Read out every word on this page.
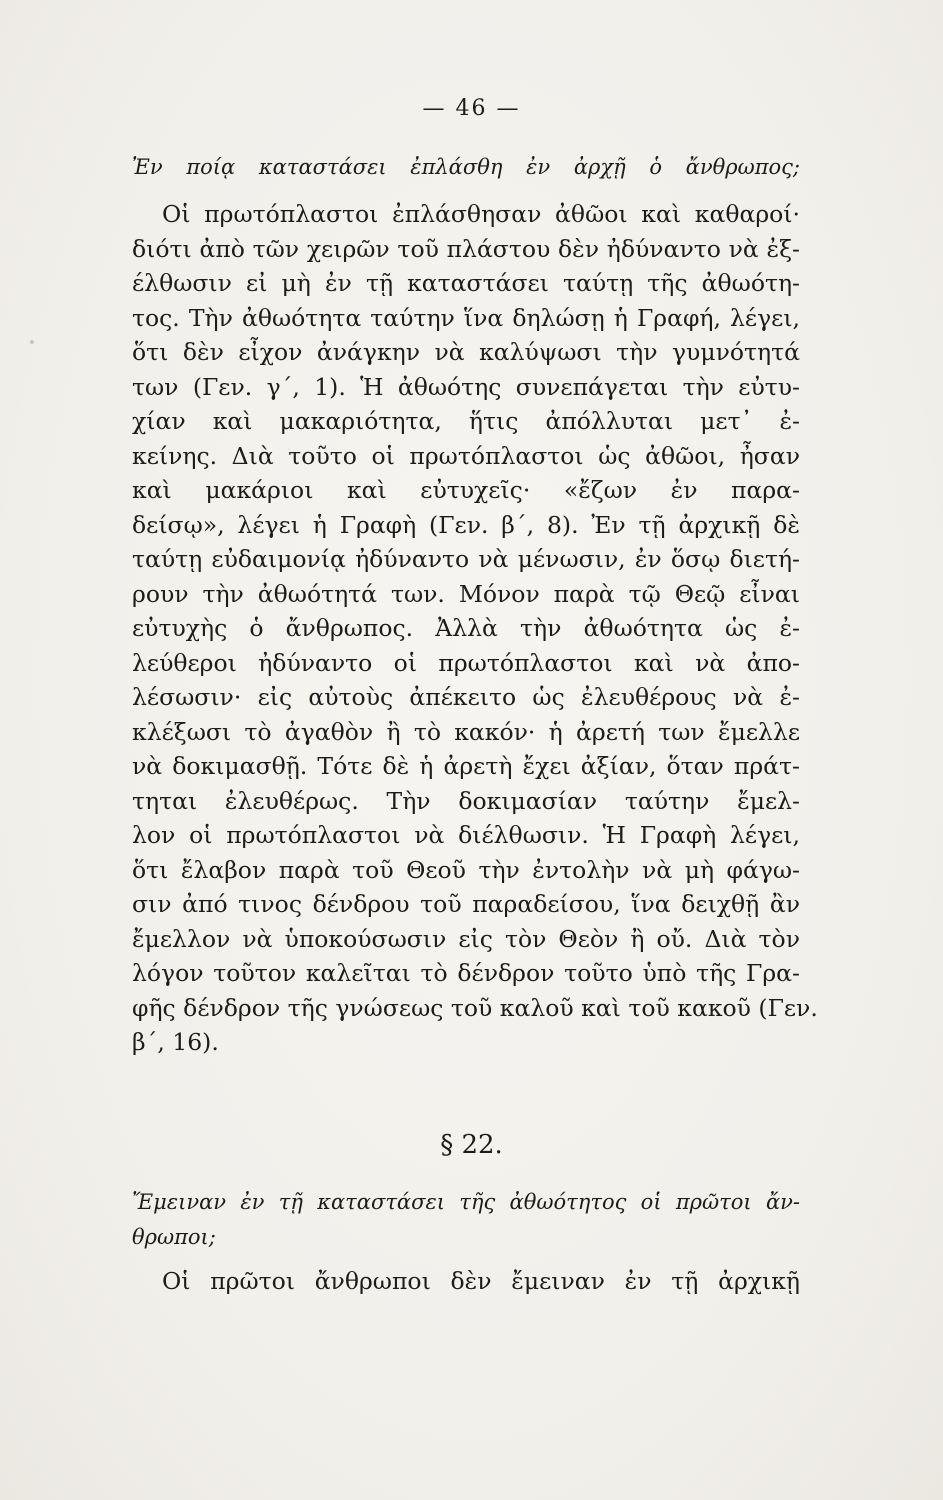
— 46 —
Ἐν ποίᾳ καταστάσει ἐπλάσθη ἐν ἀρχῇ ὁ ἄνθρωπος;
Οἱ πρωτόπλαστοι ἐπλάσθησαν ἀθῶοι καὶ καθαροί·
διότι ἀπὸ τῶν χειρῶν τοῦ πλάστου δὲν ἠδύναντο νὰ ἐξ-
έλθωσιν εἰ μὴ ἐν τῇ καταστάσει ταύτῃ τῆς ἀθωότη-
τος. Τὴν ἀθωότητα ταύτην ἵνα δηλώσῃ ἡ Γραφή, λέγει,
ὅτι δὲν εἶχον ἀνάγκην νὰ καλύψωσι τὴν γυμνότητά
των (Γεν. γ΄, 1). Ἡ ἀθωότης συνεπάγεται τὴν εὐτυ-
χίαν καὶ μακαριότητα, ἥτις ἀπόλλυται μετ᾽ ἐ-
κείνης. Διὰ τοῦτο οἱ πρωτόπλαστοι ὡς ἀθῶοι, ἦσαν
καὶ μακάριοι καὶ εὐτυχεῖς· «ἔζων ἐν παρα-
δείσῳ», λέγει ἡ Γραφὴ (Γεν. β΄, 8). Ἐν τῇ ἀρχικῇ δὲ
ταύτῃ εὐδαιμονίᾳ ἠδύναντο νὰ μένωσιν, ἐν ὅσῳ διετή-
ρουν τὴν ἀθωότητά των. Μόνον παρὰ τῷ Θεῷ εἶναι
εὐτυχὴς ὁ ἄνθρωπος. Ἀλλὰ τὴν ἀθωότητα ὡς ἐ-
λεύθεροι ἠδύναντο οἱ πρωτόπλαστοι καὶ νὰ ἀπο-
λέσωσιν· εἰς αὐτοὺς ἀπέκειτο ὡς ἐλευθέρους νὰ ἐ-
κλέξωσι τὸ ἀγαθὸν ἢ τὸ κακόν· ἡ ἀρετή των ἔμελλε
νὰ δοκιμασθῇ. Τότε δὲ ἡ ἀρετὴ ἔχει ἀξίαν, ὅταν πράτ-
τηται ἐλευθέρως. Τὴν δοκιμασίαν ταύτην ἔμελ-
λον οἱ πρωτόπλαστοι νὰ διέλθωσιν. Ἡ Γραφὴ λέγει,
ὅτι ἔλαβον παρὰ τοῦ Θεοῦ τὴν ἐντολὴν νὰ μὴ φάγω-
σιν ἀπό τινος δένδρου τοῦ παραδείσου, ἵνα δειχθῇ ἂν
ἔμελλον νὰ ὑποκούσωσιν εἰς τὸν Θεὸν ἢ οὔ. Διὰ τὸν
λόγον τοῦτον καλεῖται τὸ δένδρον τοῦτο ὑπὸ τῆς Γρα-
φῆς δένδρον τῆς γνώσεως τοῦ καλοῦ καὶ τοῦ κακοῦ (Γεν.
β΄, 16).
§ 22.
Ἔμειναν ἐν τῇ καταστάσει τῆς ἀθωότητος οἱ πρῶτοι ἄν-
θρωποι;
Οἱ πρῶτοι ἄνθρωποι δὲν ἔμειναν ἐν τῇ ἀρχικῇ
